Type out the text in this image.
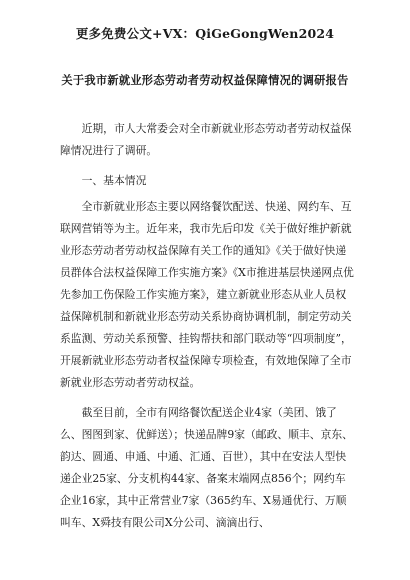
更多免费公文+VX：QiGeGongWen2024
关于我市新就业形态劳动者劳动权益保障情况的调研报告

近期，市人大常委会对全市新就业形态劳动者劳动权益保障情况进行了调研。

一、基本情况

全市新就业形态主要以网络餐饮配送、快递、网约车、互联网营销等为主。近年来，我市先后印发《关于做好维护新就业形态劳动者劳动权益保障有关工作的通知》《关于做好快递员群体合法权益保障工作实施方案》《X市推进基层快递网点优先参加工伤保险工作实施方案》，建立新就业形态从业人员权益保障机制和新就业形态劳动关系协商协调机制，制定劳动关系监测、劳动关系预警、挂钩帮扶和部门联动等“四项制度”，开展新就业形态劳动者权益保障专项检查，有效地保障了全市新就业形态劳动者劳动权益。

截至目前，全市有网络餐饮配送企业4家（美团、饿了么、图图到家、优鲜送）；快递品牌9家（邮政、顺丰、京东、韵达、圆通、申通、中通、汇通、百世），其中在安法人型快递企业25家、分支机构44家、备案末端网点856个；网约车企业16家，其中正常营业7家（365约车、X易通优行、万顺叫车、X舜技有限公司X分公司、滴滴出行、
